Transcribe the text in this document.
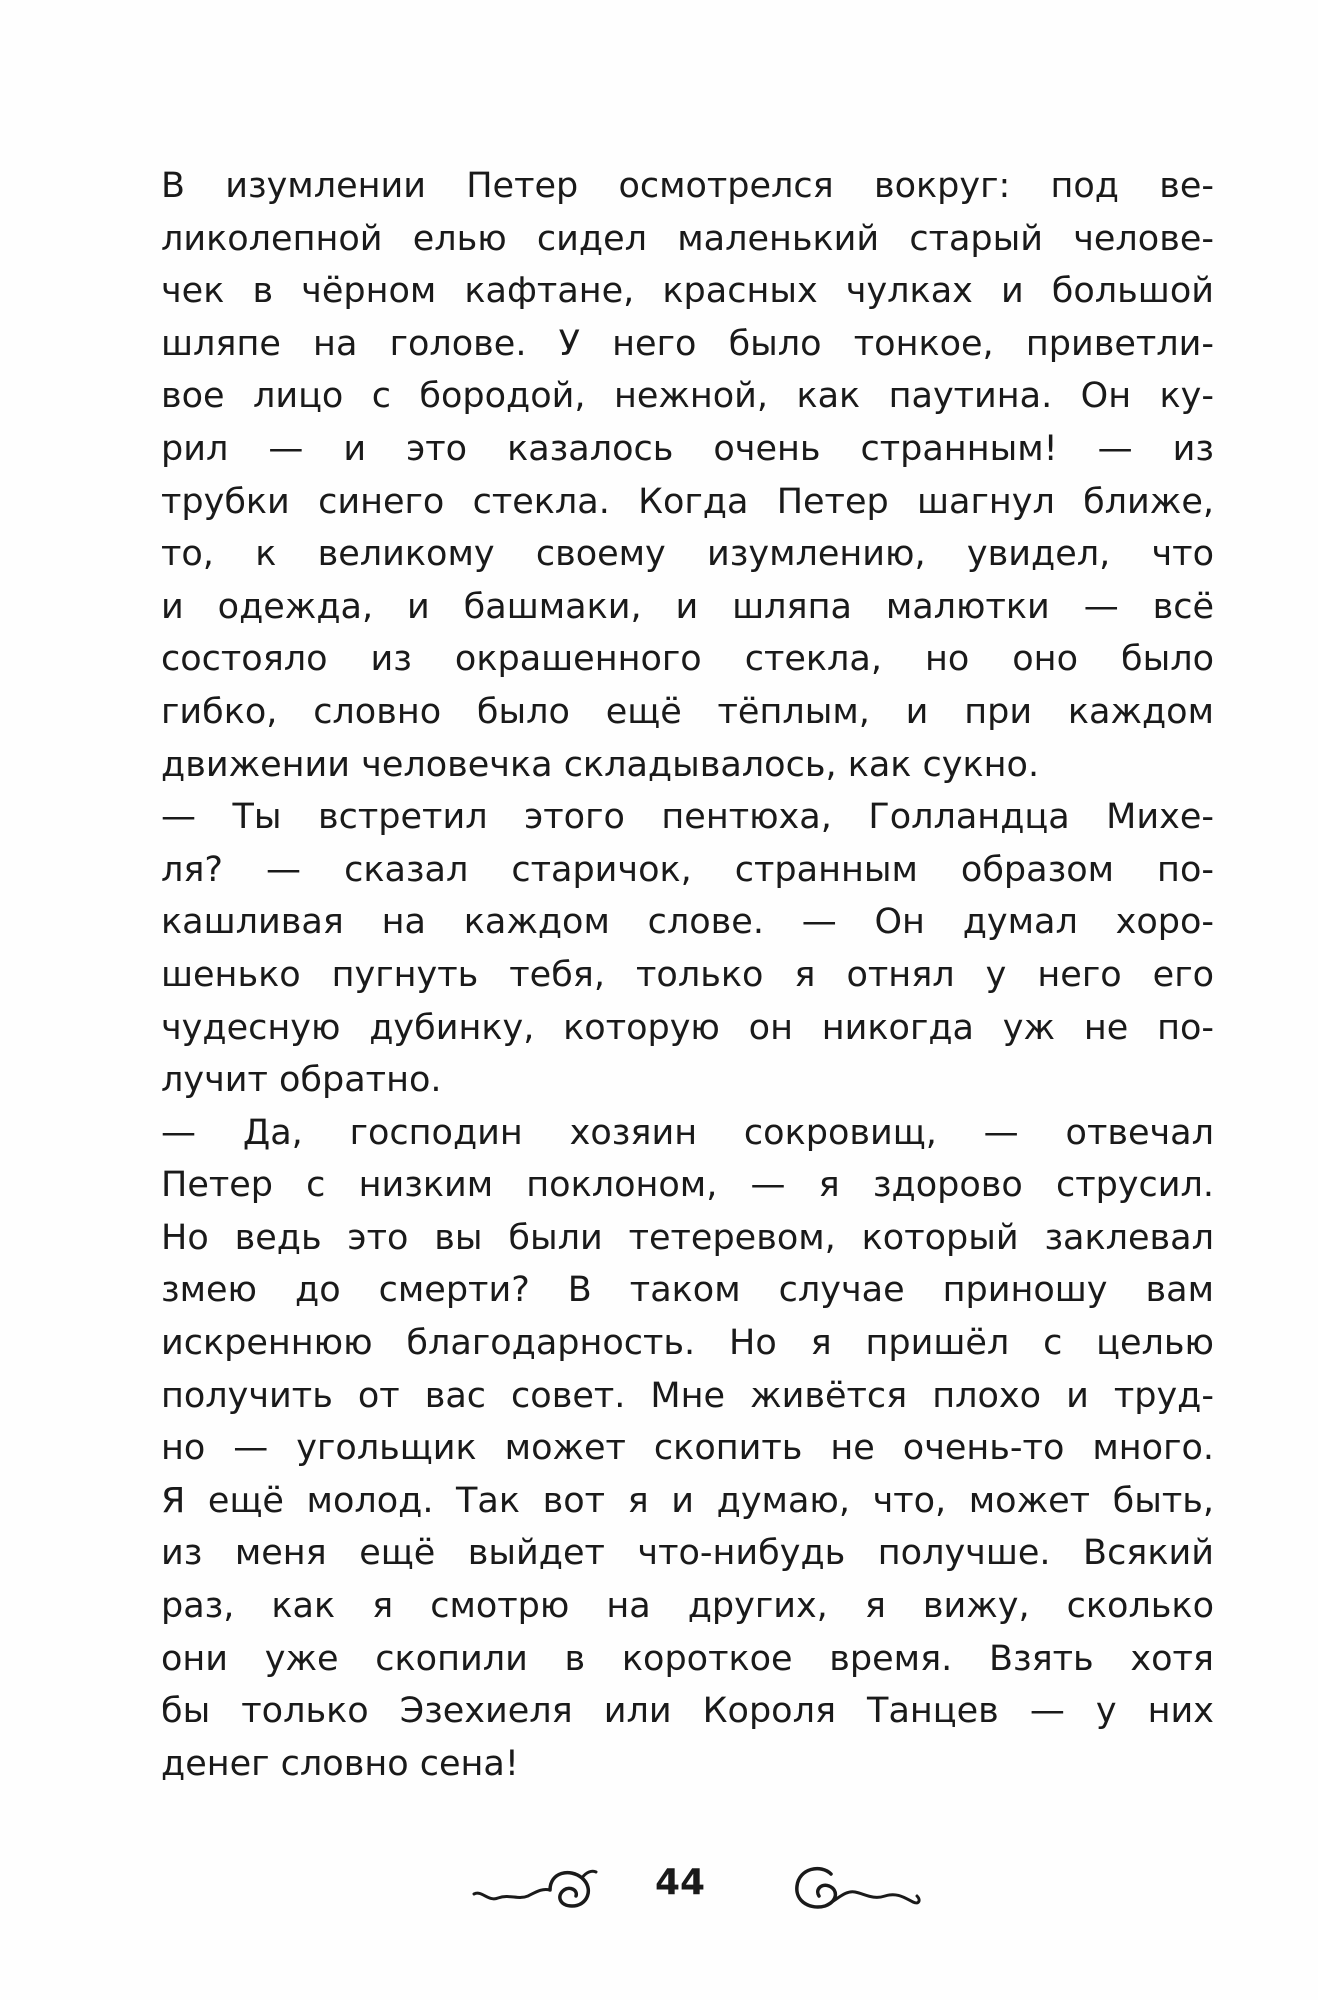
В изумлении Петер осмотрелся вокруг: под ве-
ликолепной елью сидел маленький старый челове-
чек в чёрном кафтане, красных чулках и большой
шляпе на голове. У него было тонкое, приветли-
вое лицо с бородой, нежной, как паутина. Он ку-
рил — и это казалось очень странным! — из
трубки синего стекла. Когда Петер шагнул ближе,
то, к великому своему изумлению, увидел, что
и одежда, и башмаки, и шляпа малютки — всё
состояло из окрашенного стекла, но оно было
гибко, словно было ещё тёплым, и при каждом
движении человечка складывалось, как сукно.
— Ты встретил этого пентюха, Голландца Михе-
ля? — сказал старичок, странным образом по-
кашливая на каждом слове. — Он думал хоро-
шенько пугнуть тебя, только я отнял у него его
чудесную дубинку, которую он никогда уж не по-
лучит обратно.
— Да, господин хозяин сокровищ, — отвечал
Петер с низким поклоном, — я здорово струсил.
Но ведь это вы были тетеревом, который заклевал
змею до смерти? В таком случае приношу вам
искреннюю благодарность. Но я пришёл с целью
получить от вас совет. Мне живётся плохо и труд-
но — угольщик может скопить не очень-то много.
Я ещё молод. Так вот я и думаю, что, может быть,
из меня ещё выйдет что-нибудь получше. Всякий
раз, как я смотрю на других, я вижу, сколько
они уже скопили в короткое время. Взять хотя
бы только Эзехиеля или Короля Танцев — у них
денег словно сена!
44
